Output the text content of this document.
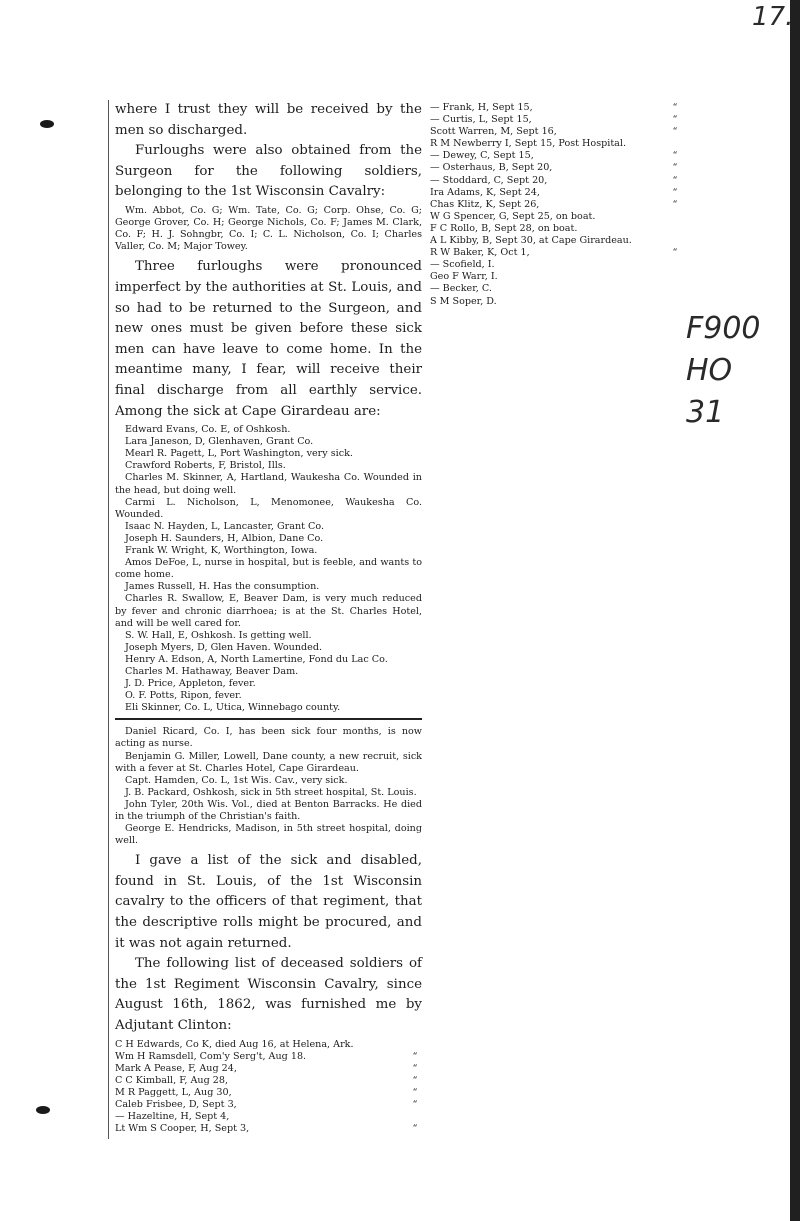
17.
F900
HO
31

where I trust they will be received by the men so discharged.

Furloughs were also obtained from the Surgeon for the following soldiers, belonging to the 1st Wisconsin Cavalry:

Wm. Abbot, Co. G; Wm. Tate, Co. G; Corp. Ohse, Co. G; George Grover, Co. H; George Nichols, Co. F; James M. Clark, Co. F; H. J. Sohngbr, Co. I; C. L. Nicholson, Co. I; Charles Valler, Co. M; Major Towey.

Three furloughs were pronounced imperfect by the authorities at St. Louis, and so had to be returned to the Surgeon, and new ones must be given before these sick men can have leave to come home. In the meantime many, I fear, will receive their final discharge from all earthly service. Among the sick at Cape Girardeau are:

Edward Evans, Co. E, of Oshkosh.
Lara Janeson, D, Glenhaven, Grant Co.
Mearl R. Pagett, L, Port Washington, very sick.
Crawford Roberts, F, Bristol, Ills.
Charles M. Skinner, A, Hartland, Waukesha Co. Wounded in the head, but doing well.
Carmi L. Nicholson, L, Menomonee, Waukesha Co. Wounded.
Isaac N. Hayden, L, Lancaster, Grant Co.
Joseph H. Saunders, H, Albion, Dane Co.
Frank W. Wright, K, Worthington, Iowa.
Amos DeFoe, L, nurse in hospital, but is feeble, and wants to come home.
James Russell, H. Has the consumption.
Charles R. Swallow, E, Beaver Dam, is very much reduced by fever and chronic diarrhoea; is at the St. Charles Hotel, and will be well cared for.
S. W. Hall, E, Oshkosh. Is getting well.
Joseph Myers, D, Glen Haven. Wounded.
Henry A. Edson, A, North Lamertine, Fond du Lac Co.
Charles M. Hathaway, Beaver Dam.
J. D. Price, Appleton, fever.
O. F. Potts, Ripon, fever.
Eli Skinner, Co. L, Utica, Winnebago county.
Daniel Ricard, Co. I, has been sick four months, is now acting as nurse.
Benjamin G. Miller, Lowell, Dane county, a new recruit, sick with a fever at St. Charles Hotel, Cape Girardeau.
Capt. Hamden, Co. L, 1st Wis. Cav., very sick.
J. B. Packard, Oshkosh, sick in 5th street hospital, St. Louis.
John Tyler, 20th Wis. Vol., died at Benton Barracks. He died in the triumph of the Christian's faith.
George E. Hendricks, Madison, in 5th street hospital, doing well.

I gave a list of the sick and disabled, found in St. Louis, of the 1st Wisconsin cavalry to the officers of that regiment, that the descriptive rolls might be procured, and it was not again returned.

The following list of deceased soldiers of the 1st Regiment Wisconsin Cavalry, since August 16th, 1862, was furnished me by Adjutant Clinton:

C H Edwards, Co K, died Aug 16, at Helena, Ark.
Wm H Ramsdell, Com'y Serg't, Aug 18.	“
Mark A Pease, F, Aug 24,	“
C C Kimball, F, Aug 28,	“
M R Paggett, L, Aug 30,	“
Caleb Frisbee, D, Sept 3,	“
— Hazeltine, H, Sept 4,
Lt Wm S Cooper, H, Sept 3,	“
— Frank, H, Sept 15,	“
— Curtis, L, Sept 15,	“
Scott Warren, M, Sept 16,	“
R M Newberry I, Sept 15, Post Hospital.
— Dewey, C, Sept 15,	“
— Osterhaus, B, Sept 20,	“
— Stoddard, C, Sept 20,	“
Ira Adams, K, Sept 24,	“
Chas Klitz, K, Sept 26,	“
W G Spencer, G, Sept 25, on boat.
F C Rollo, B, Sept 28, on boat.
A L Kibby, B, Sept 30, at Cape Girardeau.
R W Baker, K, Oct 1,	“
— Scofield, I.
Geo F Warr, I.
— Becker, C.
S M Soper, D.
